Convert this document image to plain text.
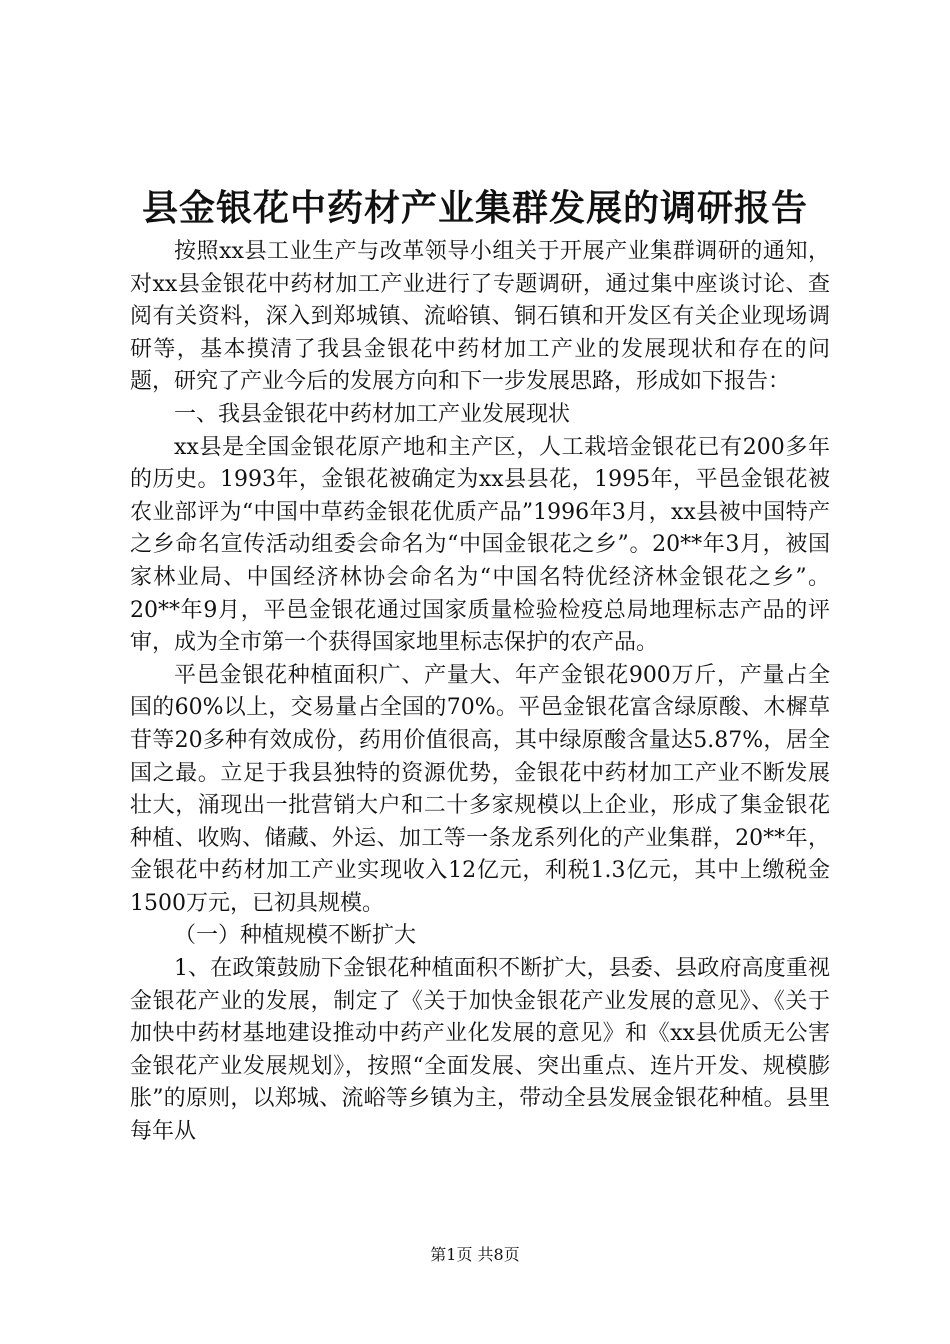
县金银花中药材产业集群发展的调研报告

按照xx县工业生产与改革领导小组关于开展产业集群调研的通知，对xx县金银花中药材加工产业进行了专题调研，通过集中座谈讨论、查阅有关资料，深入到郑城镇、流峪镇、铜石镇和开发区有关企业现场调研等，基本摸清了我县金银花中药材加工产业的发展现状和存在的问题，研究了产业今后的发展方向和下一步发展思路，形成如下报告：

一、我县金银花中药材加工产业发展现状

xx县是全国金银花原产地和主产区，人工栽培金银花已有200多年的历史。1993年，金银花被确定为xx县县花，1995年，平邑金银花被农业部评为“中国中草药金银花优质产品”1996年3月，xx县被中国特产之乡命名宣传活动组委会命名为“中国金银花之乡”。20**年3月，被国家林业局、中国经济林协会命名为“中国名特优经济林金银花之乡”。20**年9月，平邑金银花通过国家质量检验检疫总局地理标志产品的评审，成为全市第一个获得国家地里标志保护的农产品。

平邑金银花种植面积广、产量大、年产金银花900万斤，产量占全国的60%以上，交易量占全国的70%。平邑金银花富含绿原酸、木樨草苷等20多种有效成份，药用价值很高，其中绿原酸含量达5.87%，居全国之最。立足于我县独特的资源优势，金银花中药材加工产业不断发展壮大，涌现出一批营销大户和二十多家规模以上企业，形成了集金银花种植、收购、储藏、外运、加工等一条龙系列化的产业集群，20**年，金银花中药材加工产业实现收入12亿元，利税1.3亿元，其中上缴税金1500万元，已初具规模。

（一）种植规模不断扩大

1、在政策鼓励下金银花种植面积不断扩大，县委、县政府高度重视金银花产业的发展，制定了《关于加快金银花产业发展的意见》、《关于加快中药材基地建设推动中药产业化发展的意见》和《xx县优质无公害金银花产业发展规划》，按照“全面发展、突出重点、连片开发、规模膨胀”的原则，以郑城、流峪等乡镇为主，带动全县发展金银花种植。县里每年从

第1页 共8页
